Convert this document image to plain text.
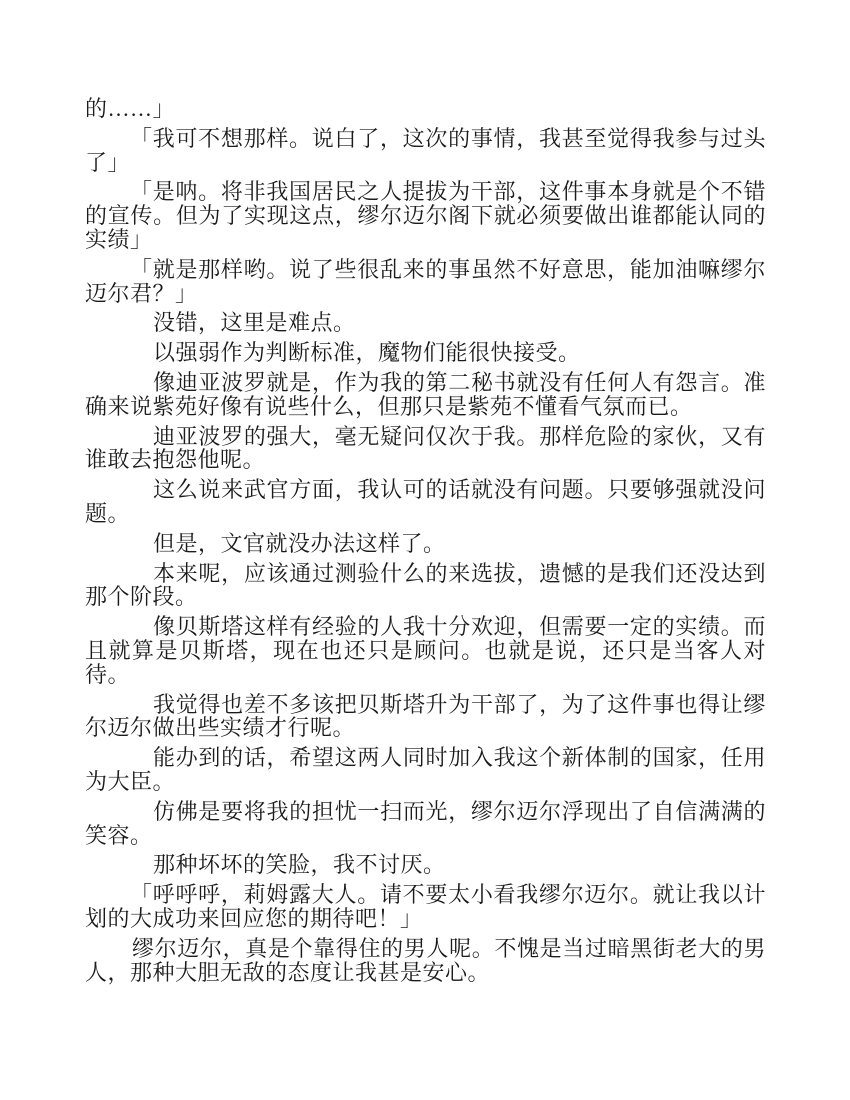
的……」

「我可不想那样。说白了，这次的事情，我甚至觉得我参与过头了」

「是呐。将非我国居民之人提拔为干部，这件事本身就是个不错的宣传。但为了实现这点，缪尔迈尔阁下就必须要做出谁都能认同的实绩」

「就是那样哟。说了些很乱来的事虽然不好意思，能加油嘛缪尔迈尔君？」

没错，这里是难点。

以强弱作为判断标准，魔物们能很快接受。

像迪亚波罗就是，作为我的第二秘书就没有任何人有怨言。准确来说紫苑好像有说些什么，但那只是紫苑不懂看气氛而已。

迪亚波罗的强大，毫无疑问仅次于我。那样危险的家伙，又有谁敢去抱怨他呢。

这么说来武官方面，我认可的话就没有问题。只要够强就没问题。

但是，文官就没办法这样了。

本来呢，应该通过测验什么的来选拔，遗憾的是我们还没达到那个阶段。

像贝斯塔这样有经验的人我十分欢迎，但需要一定的实绩。而且就算是贝斯塔，现在也还只是顾问。也就是说，还只是当客人对待。

我觉得也差不多该把贝斯塔升为干部了，为了这件事也得让缪尔迈尔做出些实绩才行呢。

能办到的话，希望这两人同时加入我这个新体制的国家，任用为大臣。

仿佛是要将我的担忧一扫而光，缪尔迈尔浮现出了自信满满的笑容。

那种坏坏的笑脸，我不讨厌。

「呼呼呼，莉姆露大人。请不要太小看我缪尔迈尔。就让我以计划的大成功来回应您的期待吧！」

缪尔迈尔，真是个靠得住的男人呢。不愧是当过暗黑街老大的男人，那种大胆无敌的态度让我甚是安心。
